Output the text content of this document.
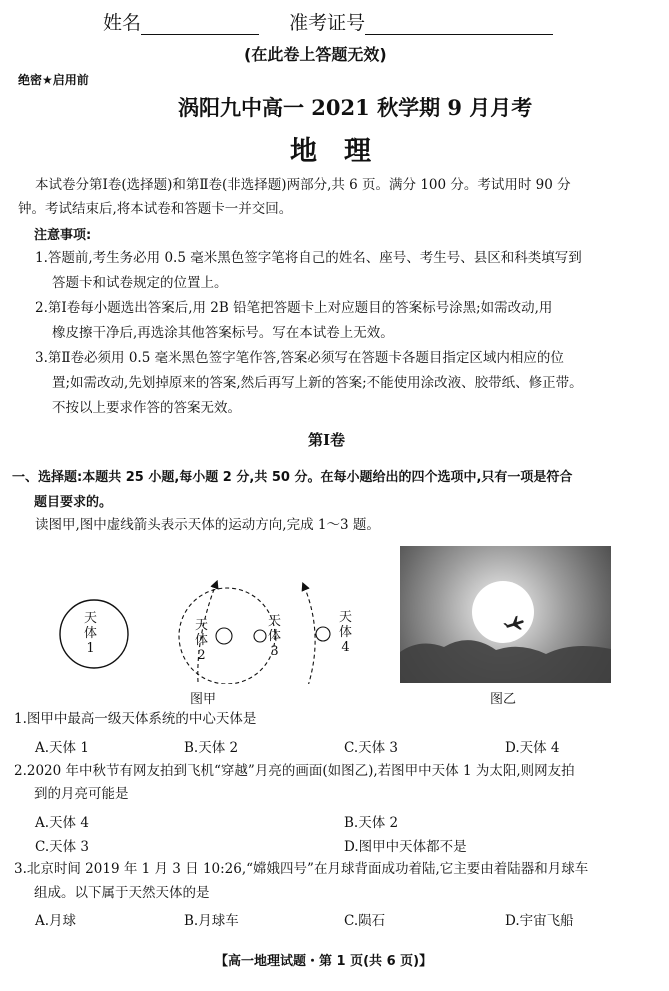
姓名	准考证号
(在此卷上答题无效)
绝密★启用前
涡阳九中高一 2021 秋学期 9 月月考
地　理
本试卷分第Ⅰ卷(选择题)和第Ⅱ卷(非选择题)两部分,共 6 页。满分 100 分。考试用时 90 分
钟。考试结束后,将本试卷和答题卡一并交回。
注意事项:
1.答题前,考生务必用 0.5 毫米黑色签字笔将自己的姓名、座号、考生号、县区和科类填写到
答题卡和试卷规定的位置上。
2.第Ⅰ卷每小题选出答案后,用 2B 铅笔把答题卡上对应题目的答案标号涂黑;如需改动,用
橡皮擦干净后,再选涂其他答案标号。写在本试卷上无效。
3.第Ⅱ卷必须用 0.5 毫米黑色签字笔作答,答案必须写在答题卡各题目指定区域内相应的位
置;如需改动,先划掉原来的答案,然后再写上新的答案;不能使用涂改液、胶带纸、修正带。
不按以上要求作答的答案无效。
第Ⅰ卷
一、选择题:本题共 25 小题,每小题 2 分,共 50 分。在每小题给出的四个选项中,只有一项是符合
题目要求的。
读图甲,图中虚线箭头表示天体的运动方向,完成 1～3 题。
天
体
1
天
体
2
天
体
3
天
体
4
图甲	图乙
1.图甲中最高一级天体系统的中心天体是
A.天体 1	B.天体 2	C.天体 3	D.天体 4
2.2020 年中秋节有网友拍到飞机“穿越”月亮的画面(如图乙),若图甲中天体 1 为太阳,则网友拍
到的月亮可能是
A.天体 4	B.天体 2
C.天体 3	D.图甲中天体都不是
3.北京时间 2019 年 1 月 3 日 10:26,“嫦娥四号”在月球背面成功着陆,它主要由着陆器和月球车
组成。以下属于天然天体的是
A.月球	B.月球车	C.陨石	D.宇宙飞船
【高一地理试题・第 1 页(共 6 页)】
